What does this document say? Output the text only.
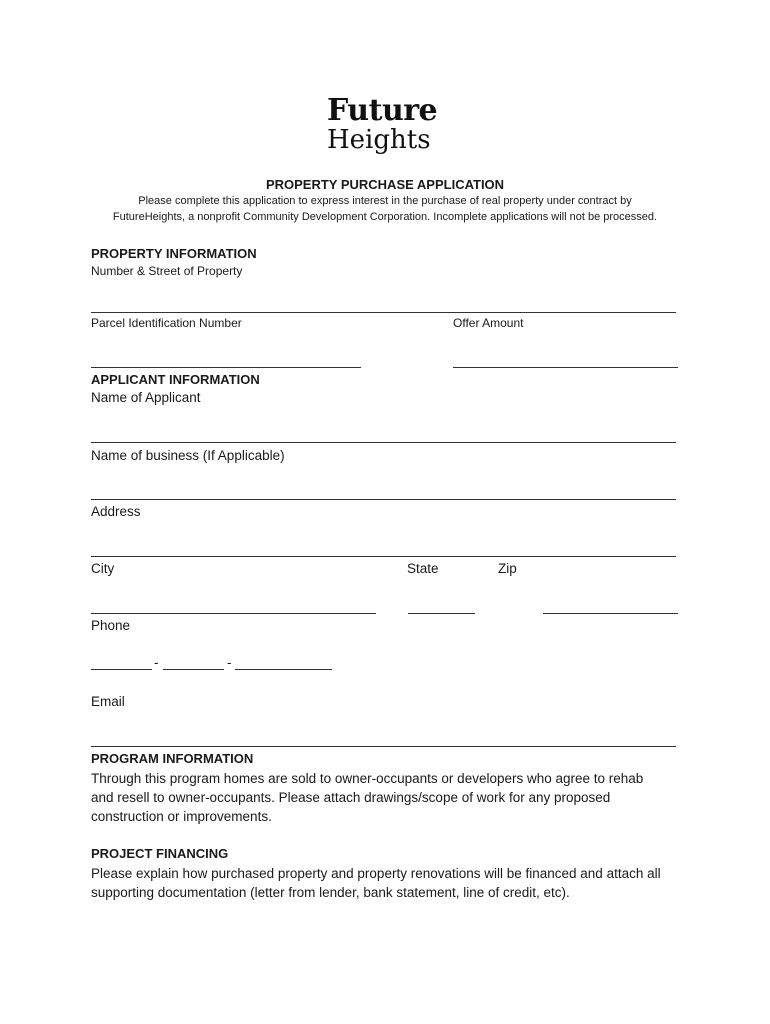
Future
Heights
PROPERTY PURCHASE APPLICATION
Please complete this application to express interest in the purchase of real property under contract by
FutureHeights, a nonprofit Community Development Corporation. Incomplete applications will not be processed.
PROPERTY INFORMATION
Number & Street of Property
Parcel Identification Number	Offer Amount
APPLICANT INFORMATION
Name of Applicant
Name of business (If Applicable)
Address
City	State	Zip
Phone
-	-
Email
PROGRAM INFORMATION
Through this program homes are sold to owner-occupants or developers who agree to rehab
and resell to owner-occupants. Please attach drawings/scope of work for any proposed
construction or improvements.
PROJECT FINANCING
Please explain how purchased property and property renovations will be financed and attach all
supporting documentation (letter from lender, bank statement, line of credit, etc).
